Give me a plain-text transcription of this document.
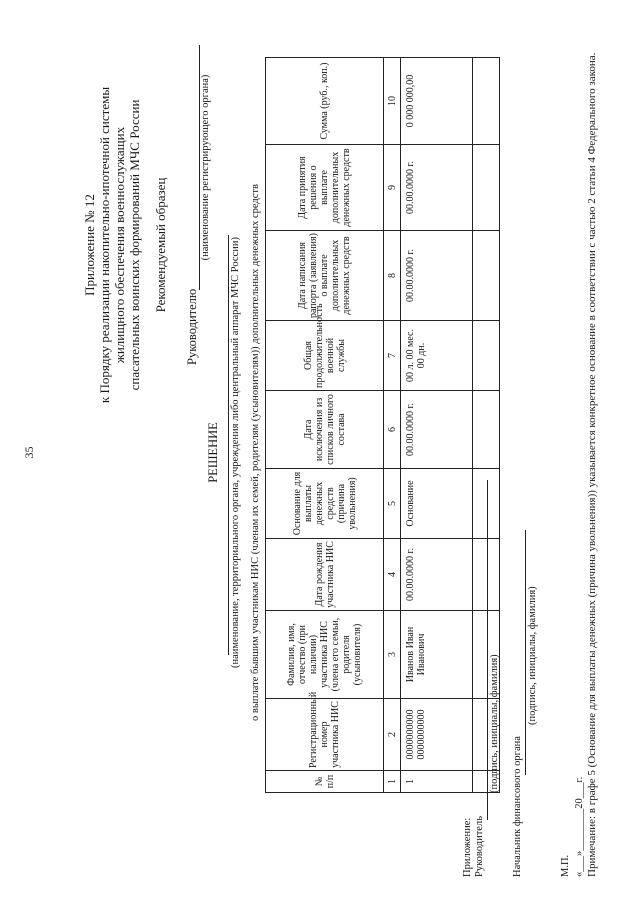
35
Приложение № 12 к Порядку реализации накопительно-ипотечной системы жилищного обеспечения военнослужащих спасательных воинских формирований МЧС России Рекомендуемый образец
Руководителю
(наименование регистрирующего органа)
РЕШЕНИЕ (наименование, территориального органа, учреждения либо центральный аппарат МЧС России) о выплате бывшим участникам НИС (членам их семей, родителям (усыновителям)) дополнительных денежных средств
№ п/п	Регистрационный номер участника НИС	Фамилия, имя, отчество (при наличии) участника НИС (члена его семьи, родителя (усыновителя)	Дата рождения участника НИС	Основание для выплаты денежных средств (причина увольнения)	Дата исключения из списков личного состава	Общая продолжительность военной службы	Дата написания рапорта (заявления) о выплате дополнительных денежных средств	Дата принятия решения о выплате дополнительных денежных средств	Сумма (руб., коп.)
1	2	3	4	5	6	7	8	9	10
1	0000000000 0000000000	Иванов Иван Иванович	00.00.0000 г.	Основание	00.00.0000 г.	00 л. 00 мес. 00 дн.	00.00.0000 г.	00.00.0000 г.	0 000 000,00

Приложение: Руководитель
(подпись, инициалы, фамилия)
Начальник финансового органа
(подпись, инициалы, фамилия)
М.П. «___»________20___г. Примечание: в графе 5 (Основание для выплаты денежных (причина увольнения)) указывается конкретное основание в соответствии с частью 2 статьи 4 Федерального закона.
